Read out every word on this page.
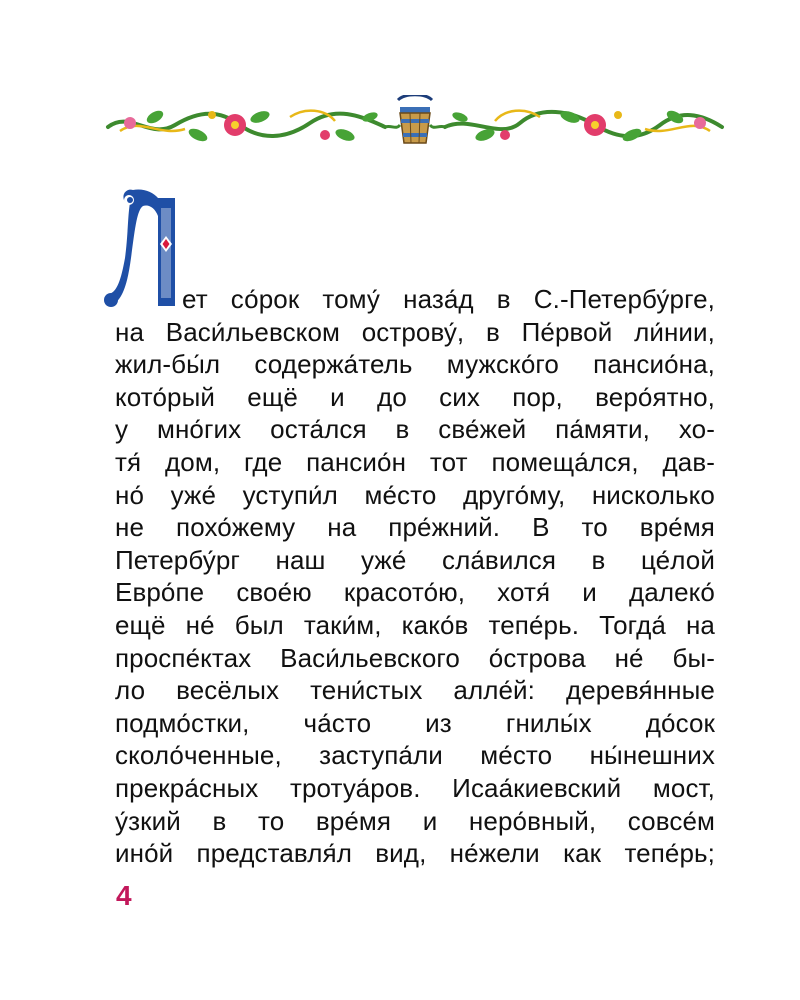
ет со́рок тому́ наза́д в С.-Петербу́рге,
на Васи́льевском острову́, в Пе́рвой ли́нии,
жил-бы́л содержа́тель мужско́го пансио́на,
кото́рый ещё и до сих пор, веро́ятно,
у мно́гих оста́лся в све́жей па́мяти, хо-
тя́ дом, где пансио́н тот помеща́лся, дав-
но́ уже́ уступи́л ме́сто друго́му, нисколько
не похо́жему на пре́жний. В то вре́мя
Петербу́рг наш уже́ сла́вился в це́лой
Евро́пе свое́ю красото́ю, хотя́ и далеко́
ещё не́ был таки́м, како́в тепе́рь. Тогда́ на
проспе́ктах Васи́льевского о́строва не́ бы-
ло весёлых тени́стых алле́й: деревя́нные
подмо́стки, ча́сто из гнилы́х до́сок
сколо́ченные, заступа́ли ме́сто ны́нешних
прекра́сных тротуа́ров. Исаа́киевский мост,
у́зкий в то вре́мя и неро́вный, совсе́м
ино́й представля́л вид, не́жели как тепе́рь;
4
